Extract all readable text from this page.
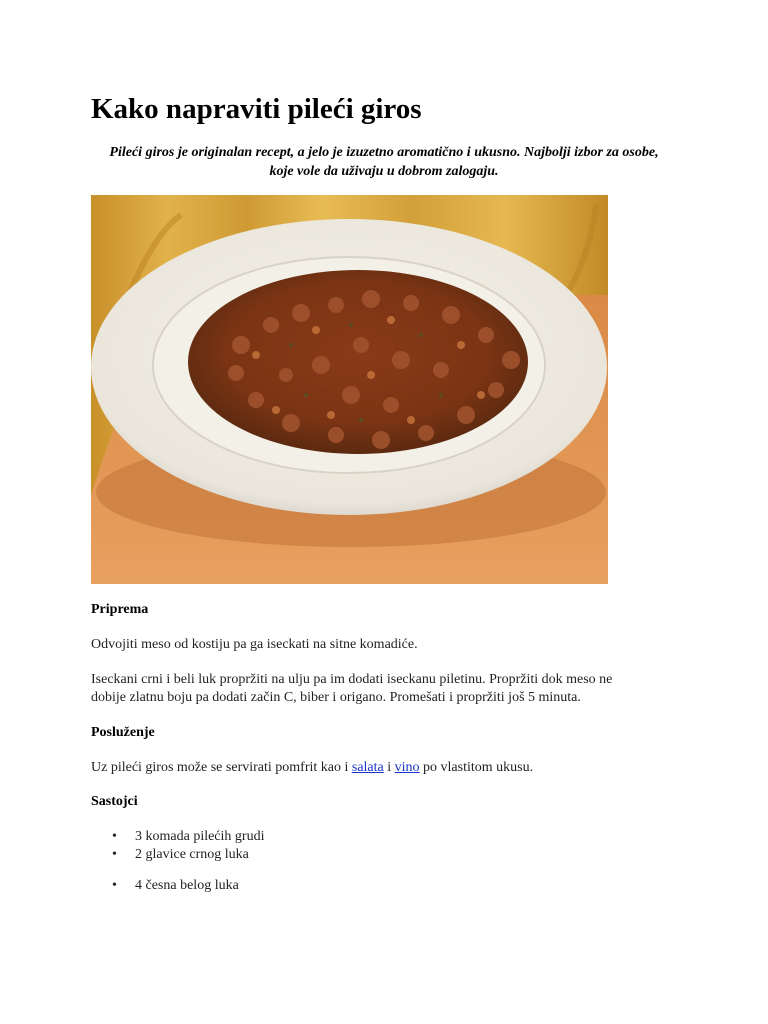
Kako napraviti pileći giros

Pileći giros je originalan recept, a jelo je izuzetno aromatično i ukusno. Najbolji izbor za osobe, koje vole da uživaju u dobrom zalogaju.

Priprema

Odvojiti meso od kostiju pa ga iseckati na sitne komadiće.

Iseckani crni i beli luk propržiti na ulju pa im dodati iseckanu piletinu. Propržiti dok meso ne

dobije zlatnu boju pa dodati začin C, biber i origano. Promešati i propržiti još 5 minuta.

Posluženje

Uz pileći giros može se servirati pomfrit kao i salata i vino po vlastitom ukusu.

Sastojci
• 3 komada pilećih grudi
• 2 glavice crnog luka
• 4 česna belog luka
